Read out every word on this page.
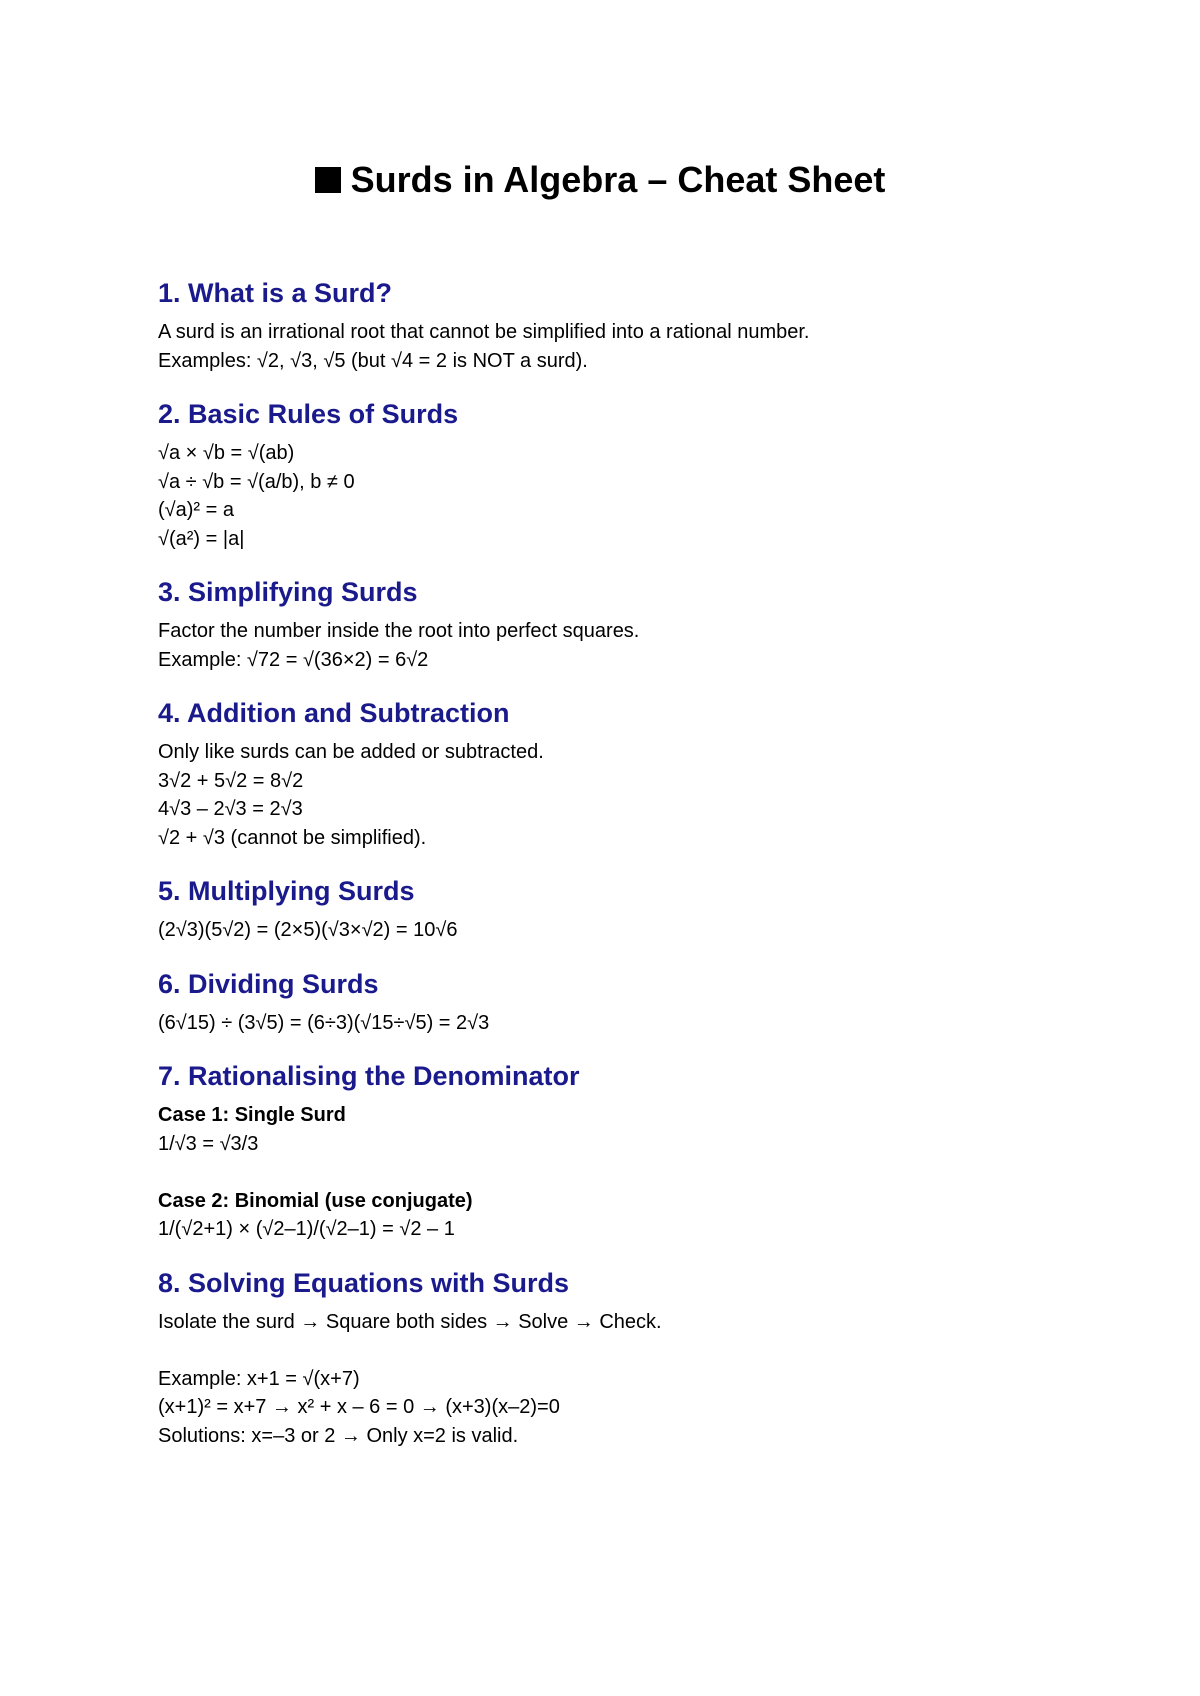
Surds in Algebra – Cheat Sheet
1. What is a Surd?
A surd is an irrational root that cannot be simplified into a rational number.
Examples: √2, √3, √5 (but √4 = 2 is NOT a surd).
2. Basic Rules of Surds
√a × √b = √(ab)
√a ÷ √b = √(a/b), b ≠ 0
(√a)² = a
√(a²) = |a|
3. Simplifying Surds
Factor the number inside the root into perfect squares.
Example: √72 = √(36×2) = 6√2
4. Addition and Subtraction
Only like surds can be added or subtracted.
3√2 + 5√2 = 8√2
4√3 – 2√3 = 2√3
√2 + √3 (cannot be simplified).
5. Multiplying Surds
(2√3)(5√2) = (2×5)(√3×√2) = 10√6
6. Dividing Surds
(6√15) ÷ (3√5) = (6÷3)(√15÷√5) = 2√3
7. Rationalising the Denominator
Case 1: Single Surd
1/√3 = √3/3
Case 2: Binomial (use conjugate)
1/(√2+1) × (√2–1)/(√2–1) = √2 – 1
8. Solving Equations with Surds
Isolate the surd → Square both sides → Solve → Check.
Example: x+1 = √(x+7)
(x+1)² = x+7 → x² + x – 6 = 0 → (x+3)(x–2)=0
Solutions: x=–3 or 2 → Only x=2 is valid.
